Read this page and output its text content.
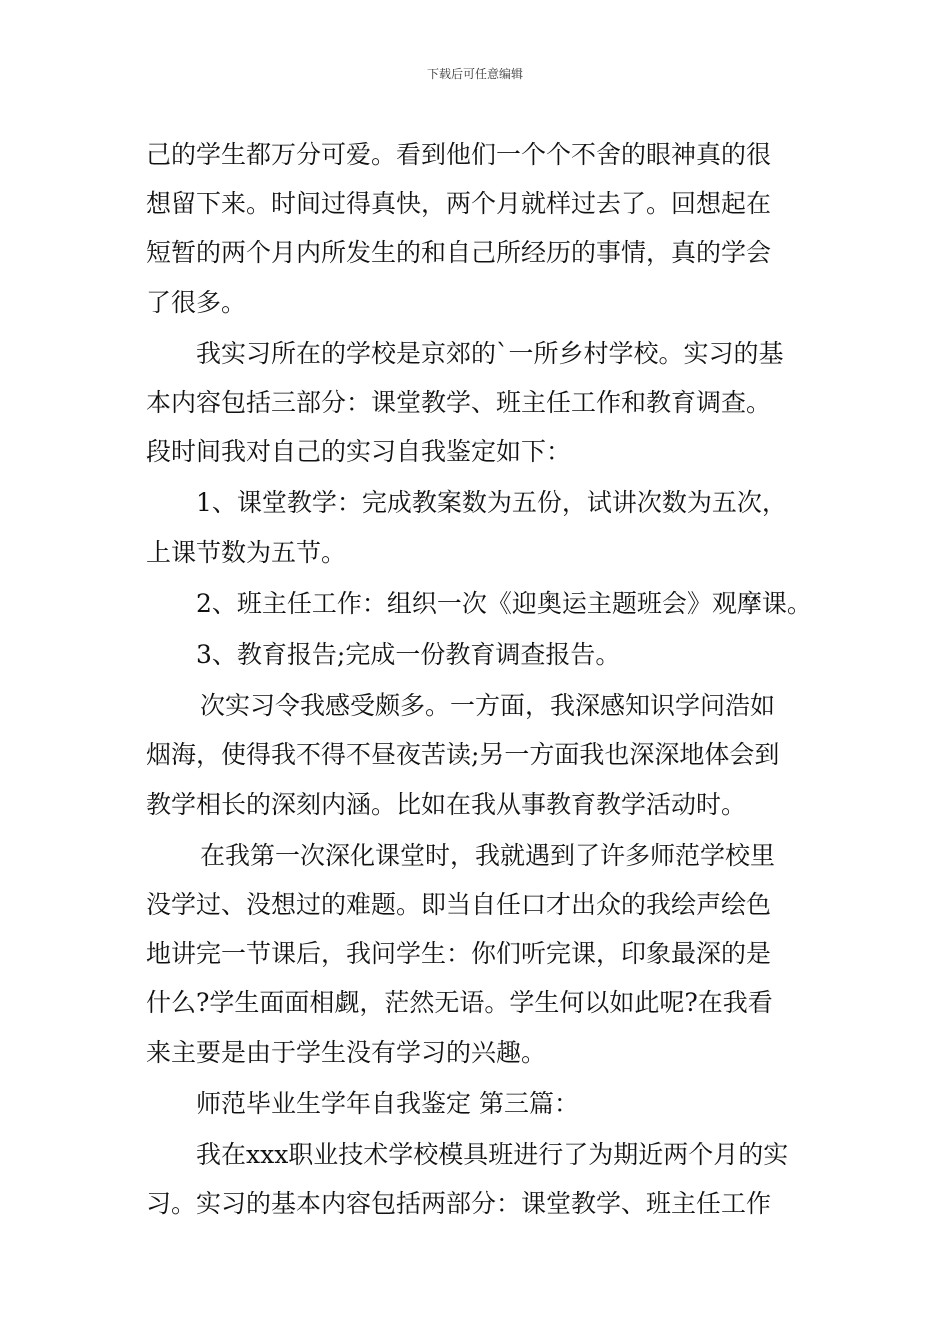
下载后可任意编辑

己的学生都万分可爱。看到他们一个个不舍的眼神真的很

想留下来。时间过得真快，两个月就样过去了。回想起在

短暂的两个月内所发生的和自己所经历的事情，真的学会

了很多。

我实习所在的学校是京郊的`一所乡村学校。实习的基

本内容包括三部分：课堂教学、班主任工作和教育调查。

段时间我对自己的实习自我鉴定如下：

1、课堂教学：完成教案数为五份，试讲次数为五次，

上课节数为五节。

2、班主任工作：组织一次《迎奥运主题班会》观摩课。

3、教育报告;完成一份教育调查报告。

次实习令我感受颇多。一方面，我深感知识学问浩如

烟海，使得我不得不昼夜苦读;另一方面我也深深地体会到

教学相长的深刻内涵。比如在我从事教育教学活动时。

在我第一次深化课堂时，我就遇到了许多师范学校里

没学过、没想过的难题。即当自任口才出众的我绘声绘色

地讲完一节课后，我问学生：你们听完课，印象最深的是

什么?学生面面相觑，茫然无语。学生何以如此呢?在我看

来主要是由于学生没有学习的兴趣。

师范毕业生学年自我鉴定 第三篇：

我在xxx职业技术学校模具班进行了为期近两个月的实

习。实习的基本内容包括两部分：课堂教学、班主任工作
